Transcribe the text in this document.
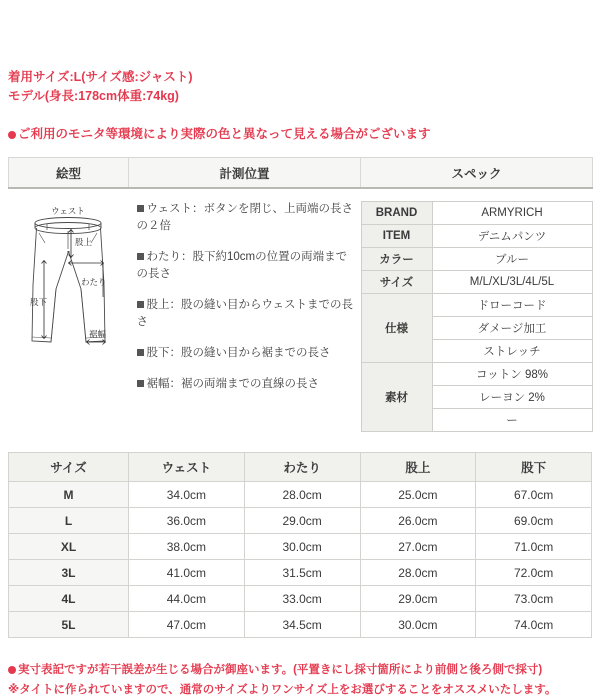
着用サイズ:L(サイズ感:ジャスト)
モデル(身長:178cm体重:74kg)
ご利用のモニタ等環境により実際の色と異なって見える場合がございます
絵型	計測位置	スペック

ウェスト
股上
わたり
股下
裾幅

ウェスト：ボタンを閉じ、上両端の長さの２倍
わたり：股下約10cmの位置の両端までの長さ
股上：股の縫い目からウェストまでの長さ
股下：股の縫い目から裾までの長さ
裾幅：裾の両端までの直線の長さ

BRAND	ARMYRICH
ITEM	デニムパンツ
カラー	ブルー
サイズ	M/L/XL/3L/4L/5L
仕様	ドローコード
ダメージ加工
ストレッチ
素材	コットン 98%
レーヨン 2%
ー
サイズ	ウェスト	わたり	股上	股下
M	34.0cm	28.0cm	25.0cm	67.0cm
L	36.0cm	29.0cm	26.0cm	69.0cm
XL	38.0cm	30.0cm	27.0cm	71.0cm
3L	41.0cm	31.5cm	28.0cm	72.0cm
4L	44.0cm	33.0cm	29.0cm	73.0cm
5L	47.0cm	34.5cm	30.0cm	74.0cm
実寸表記ですが若干誤差が生じる場合が御座います。(平置きにし採寸箇所により前側と後ろ側で採寸)
※タイトに作られていますので、通常のサイズよりワンサイズ上をお選びすることをオススメいたします。
